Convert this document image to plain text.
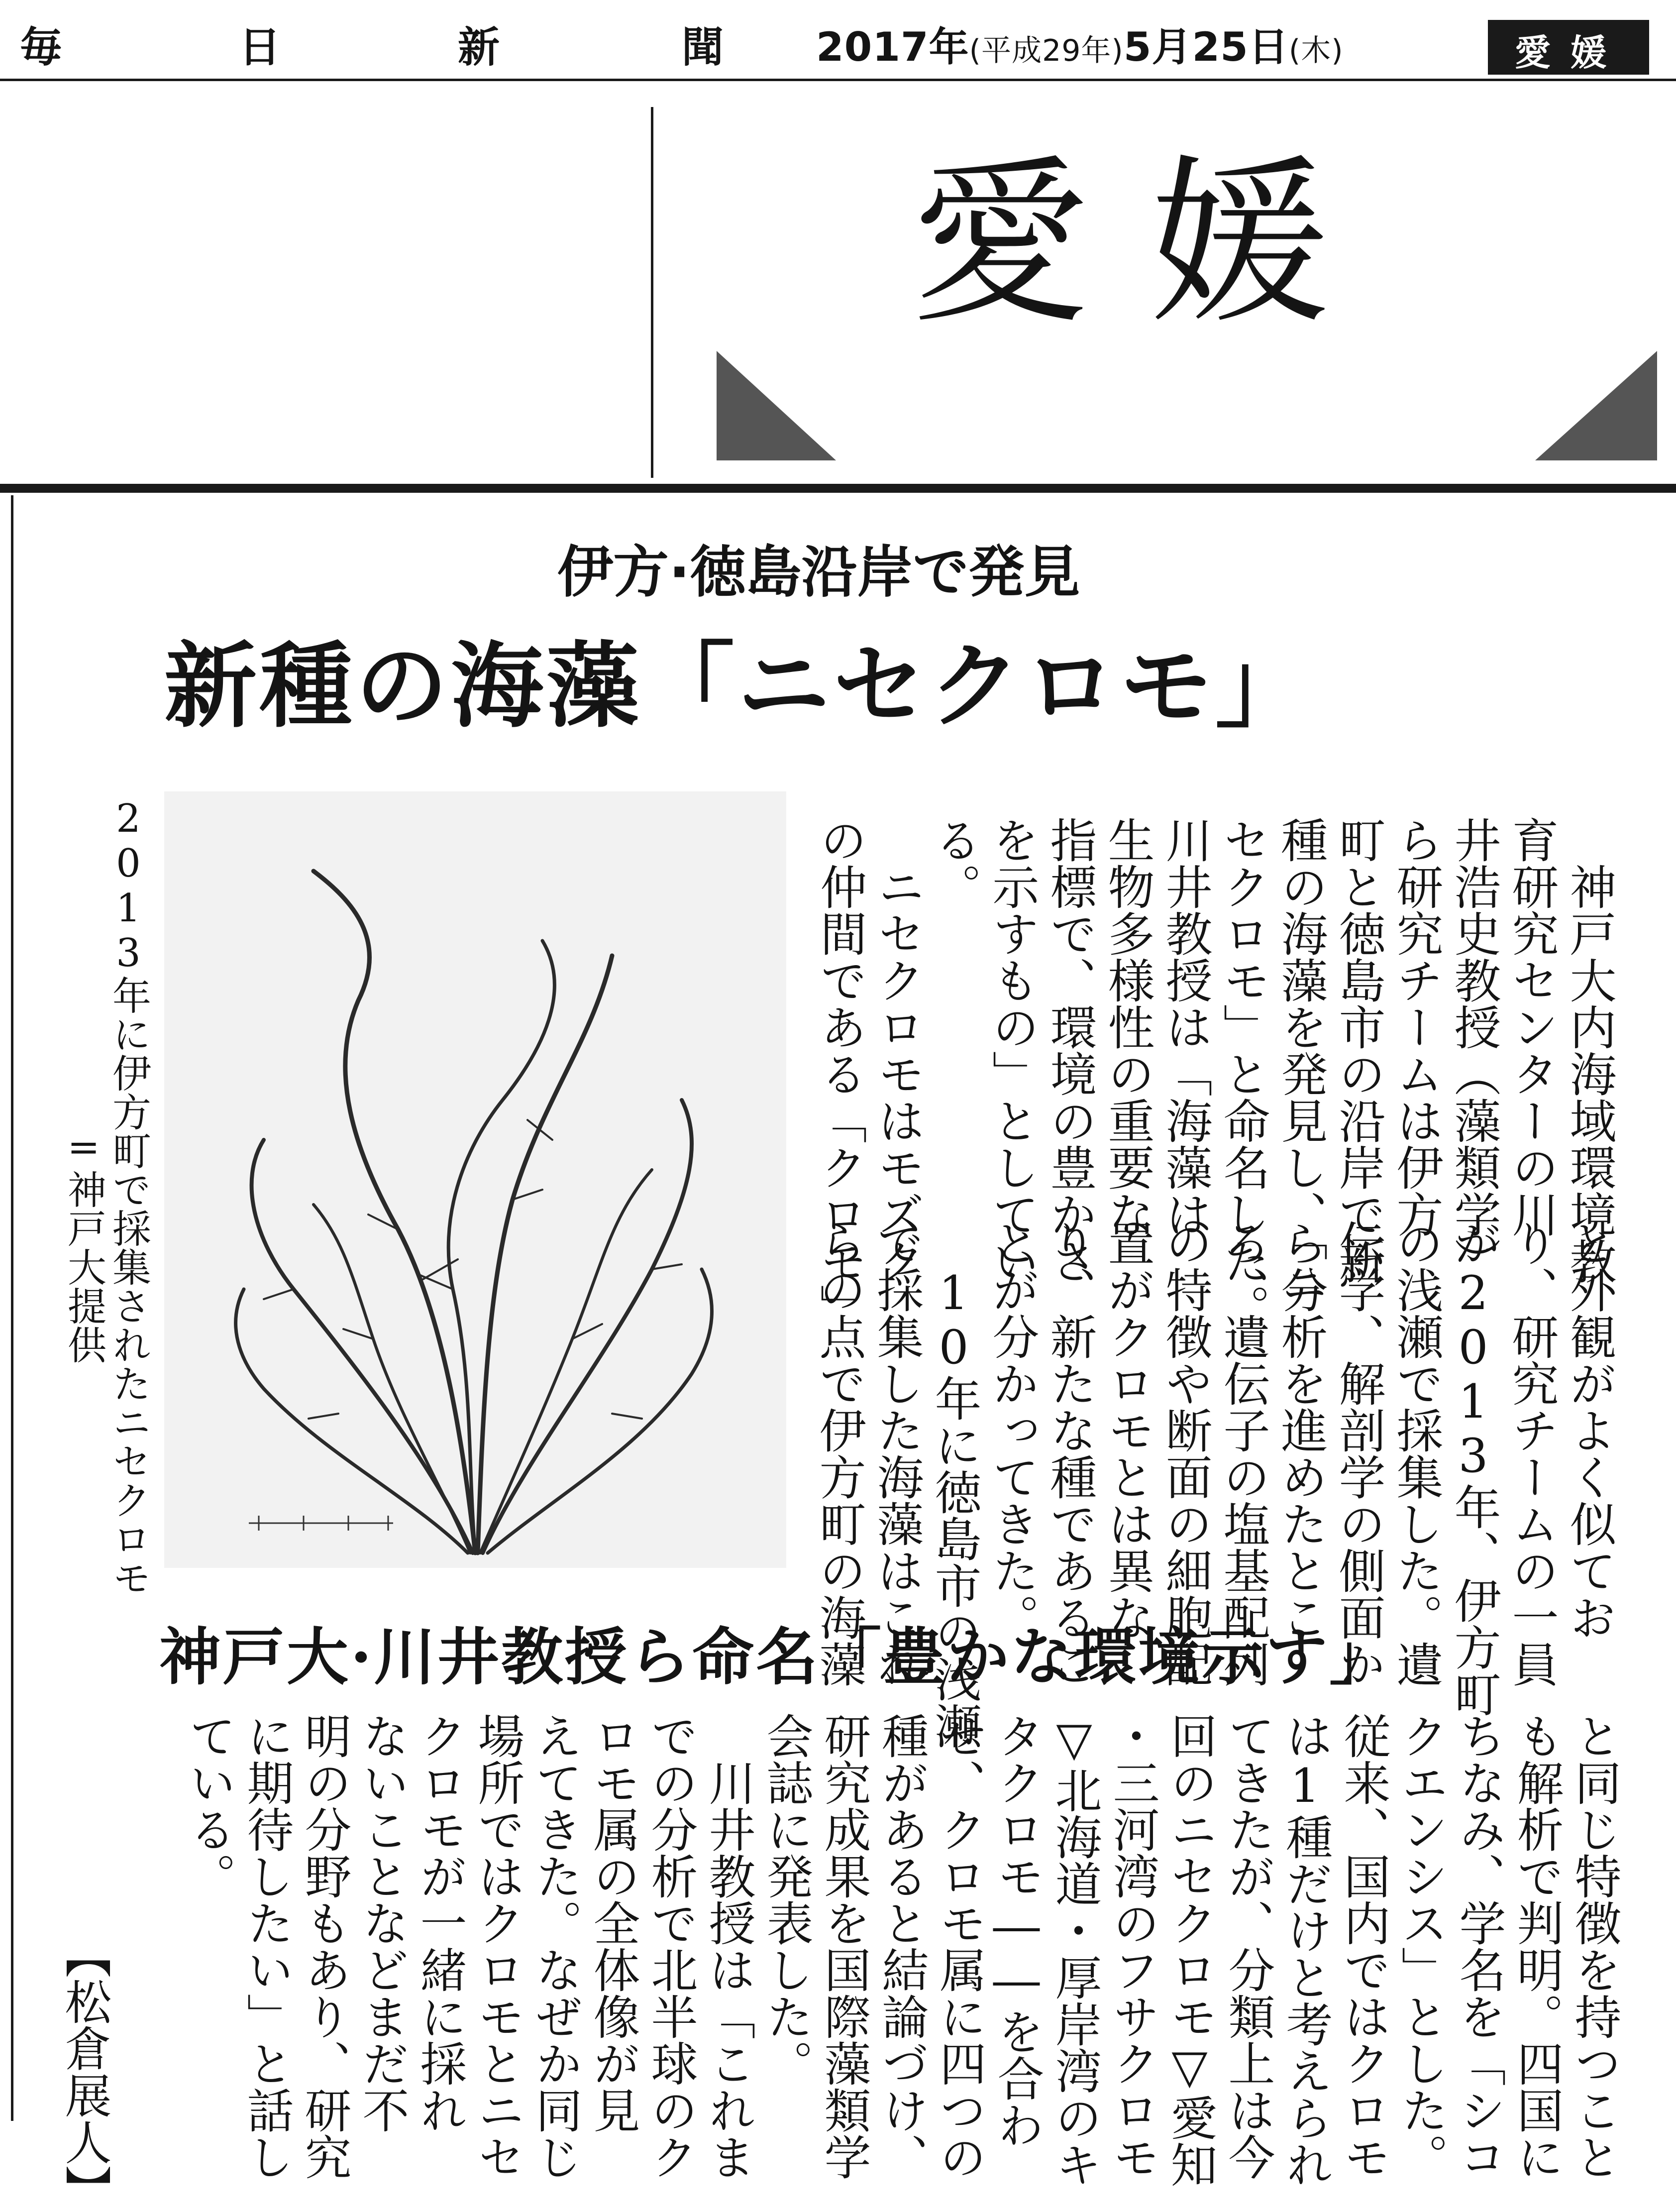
毎	日	新	聞 2017年(平成29年)5月25日(木)	愛媛
愛媛
伊方·徳島沿岸で発見
新種の海藻「ニセクロモ」
2013年に伊方町で採集されたニセクロモ
=神戸大提供	　神戸大内海域環境教
育研究センターの川
井浩史教授（藻類学）
ら研究チームは伊方
町と徳島市の沿岸で新
種の海藻を発見し、「ニ
セクロモ」と命名した。
川井教授は「海藻は
生物多様性の重要な
指標で、環境の豊かさ
を示すもの」としてい
る。
　ニセクロモはモズク
の仲間である「クロモ」
と外観がよく似てお
り、研究チームの一員
が2013年、伊方町
の浅瀬で採集した。遺
伝学、解剖学の側面か
ら分析を進めたとこ
ろ、遺伝子の塩基配列
の特徴や断面の細胞配
置がクロモとは異な
り、新たな種であるこ
とが分かってきた。
　10年に徳島市の浅瀬
で採集した海藻はこれ
らの点で伊方町の海藻
神戸大·川井教授ら命名「豊かな環境示す」
と同じ特徴を持つこと
も解析で判明。四国に
ちなみ、学名を「シコ
クエンシス」とした。
従来、国内ではクロモ
は1種だけと考えられ
てきたが、分類上は今
回のニセクロモ▽愛知
・三河湾のフサクロモ
▽北海道・厚岸湾のキ
タクロモ――を合わ
せ、クロモ属に四つの
種があると結論づけ、
研究成果を国際藻類学
会誌に発表した。
　川井教授は「これま
での分析で北半球のク
ロモ属の全体像が見
えてきた。なぜか同じ
場所ではクロモとニセ
クロモが一緒に採れ
ないことなどまだ不
明の分野もあり、研究
に期待したい」と話し
ている。
【松倉展人】
